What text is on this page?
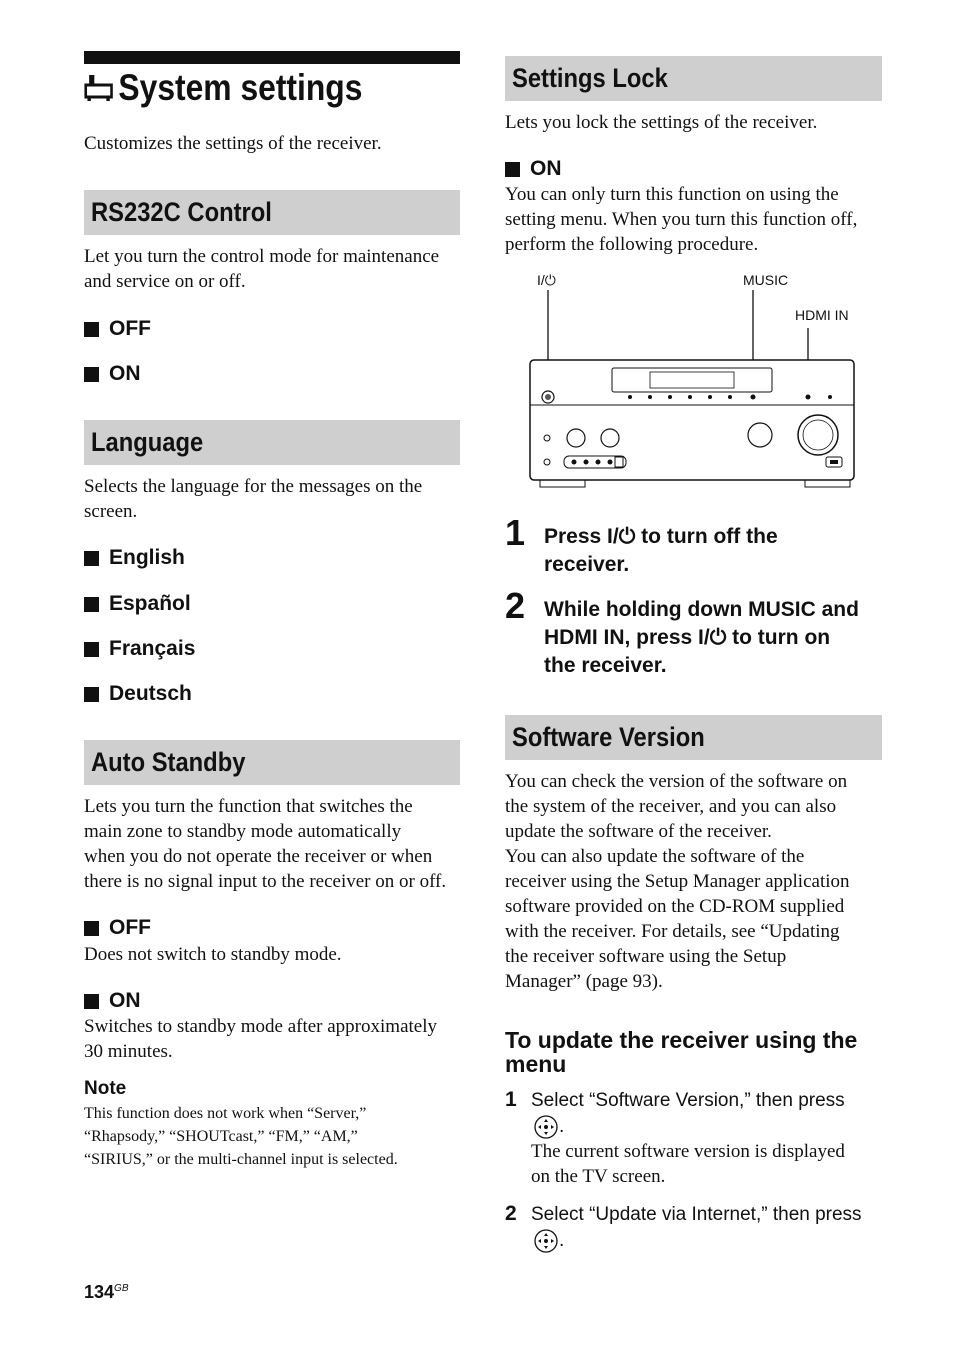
System settings
Customizes the settings of the receiver.
RS232C Control
Let you turn the control mode for maintenance
and service on or off.
OFF
ON
Language
Selects the language for the messages on the
screen.
English
Español
Français
Deutsch
Auto Standby
Lets you turn the function that switches the
main zone to standby mode automatically
when you do not operate the receiver or when
there is no signal input to the receiver on or off.
OFF
Does not switch to standby mode.
ON
Switches to standby mode after approximately
30 minutes.
Note
This function does not work when “Server,”
“Rhapsody,” “SHOUTcast,” “FM,” “AM,”
“SIRIUS,” or the multi-channel input is selected.
$134^{GB}$
Settings Lock
Lets you lock the settings of the receiver.
ON
You can only turn this function on using the
setting menu. When you turn this function off,
perform the following procedure.
I/⏻	MUSIC
HDMI IN
1 Press I/⏻ to turn off the
receiver.
2 While holding down MUSIC and
HDMI IN, press I/⏻ to turn on
the receiver.
Software Version
You can check the version of the software on
the system of the receiver, and you can also
update the software of the receiver.
You can also update the software of the
receiver using the Setup Manager application
software provided on the CD-ROM supplied
with the receiver. For details, see “Updating
the receiver software using the Setup
Manager” (page 93).
To update the receiver using the
menu
1 Select “Software Version,” then press
.
The current software version is displayed
on the TV screen.
2 Select “Update via Internet,” then press
.
